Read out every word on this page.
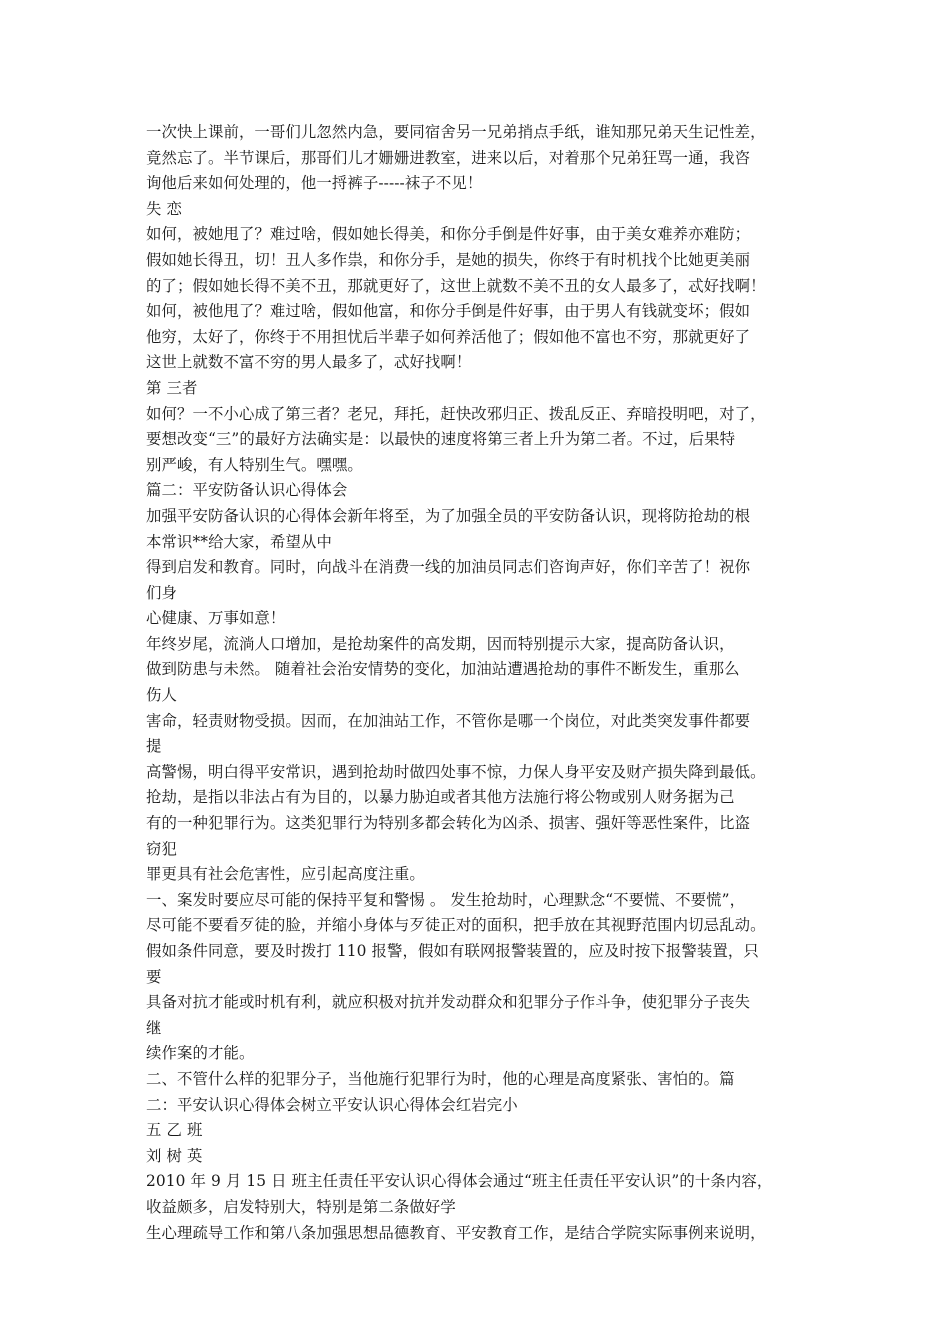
一次快上课前，一哥们儿忽然内急，要同宿舍另一兄弟捎点手纸，谁知那兄弟天生记性差，
竟然忘了。半节课后，那哥们儿才姗姗进教室，进来以后，对着那个兄弟狂骂一通，我咨
询他后来如何处理的，他一捋裤子-----袜子不见！
失 恋
如何，被她甩了？难过啥，假如她长得美，和你分手倒是件好事，由于美女难养亦难防；
假如她长得丑，切！丑人多作祟，和你分手，是她的损失，你终于有时机找个比她更美丽
的了；假如她长得不美不丑，那就更好了，这世上就数不美不丑的女人最多了，忒好找啊！
如何，被他甩了？难过啥，假如他富，和你分手倒是件好事，由于男人有钱就变坏；假如
他穷，太好了，你终于不用担忧后半辈子如何养活他了；假如他不富也不穷，那就更好了
这世上就数不富不穷的男人最多了，忒好找啊！
第 三者
如何？一不小心成了第三者？老兄，拜托，赶快改邪归正、拨乱反正、弃暗投明吧，对了，
要想改变“三”的最好方法确实是：以最快的速度将第三者上升为第二者。不过，后果特
别严峻，有人特别生气。嘿嘿。
篇二：平安防备认识心得体会
加强平安防备认识的心得体会新年将至，为了加强全员的平安防备认识，现将防抢劫的根
本常识**给大家，希望从中
得到启发和教育。同时，向战斗在消费一线的加油员同志们咨询声好，你们辛苦了！祝你
们身
心健康、万事如意！
年终岁尾，流淌人口增加，是抢劫案件的高发期，因而特别提示大家，提高防备认识，
做到防患与未然。 随着社会治安情势的变化，加油站遭遇抢劫的事件不断发生，重那么
伤人
害命，轻责财物受损。因而，在加油站工作，不管你是哪一个岗位，对此类突发事件都要
提
高警惕，明白得平安常识，遇到抢劫时做四处事不惊，力保人身平安及财产损失降到最低。
抢劫，是指以非法占有为目的，以暴力胁迫或者其他方法施行将公物或别人财务据为己
有的一种犯罪行为。这类犯罪行为特别多都会转化为凶杀、损害、强奸等恶性案件，比盗
窃犯
罪更具有社会危害性，应引起高度注重。
一、案发时要应尽可能的保持平复和警惕 。 发生抢劫时，心理默念“不要慌、不要慌”，
尽可能不要看歹徒的脸，并缩小身体与歹徒正对的面积，把手放在其视野范围内切忌乱动。
假如条件同意，要及时拨打 110 报警，假如有联网报警装置的，应及时按下报警装置，只
要
具备对抗才能或时机有利，就应积极对抗并发动群众和犯罪分子作斗争，使犯罪分子丧失
继
续作案的才能。
二、不管什么样的犯罪分子，当他施行犯罪行为时，他的心理是高度紧张、害怕的。篇
二：平安认识心得体会树立平安认识心得体会红岩完小
五 乙 班
刘 树 英
2010 年 9 月 15 日 班主任责任平安认识心得体会通过“班主任责任平安认识”的十条内容，
收益颇多，启发特别大，特别是第二条做好学
生心理疏导工作和第八条加强思想品德教育、平安教育工作，是结合学院实际事例来说明，
